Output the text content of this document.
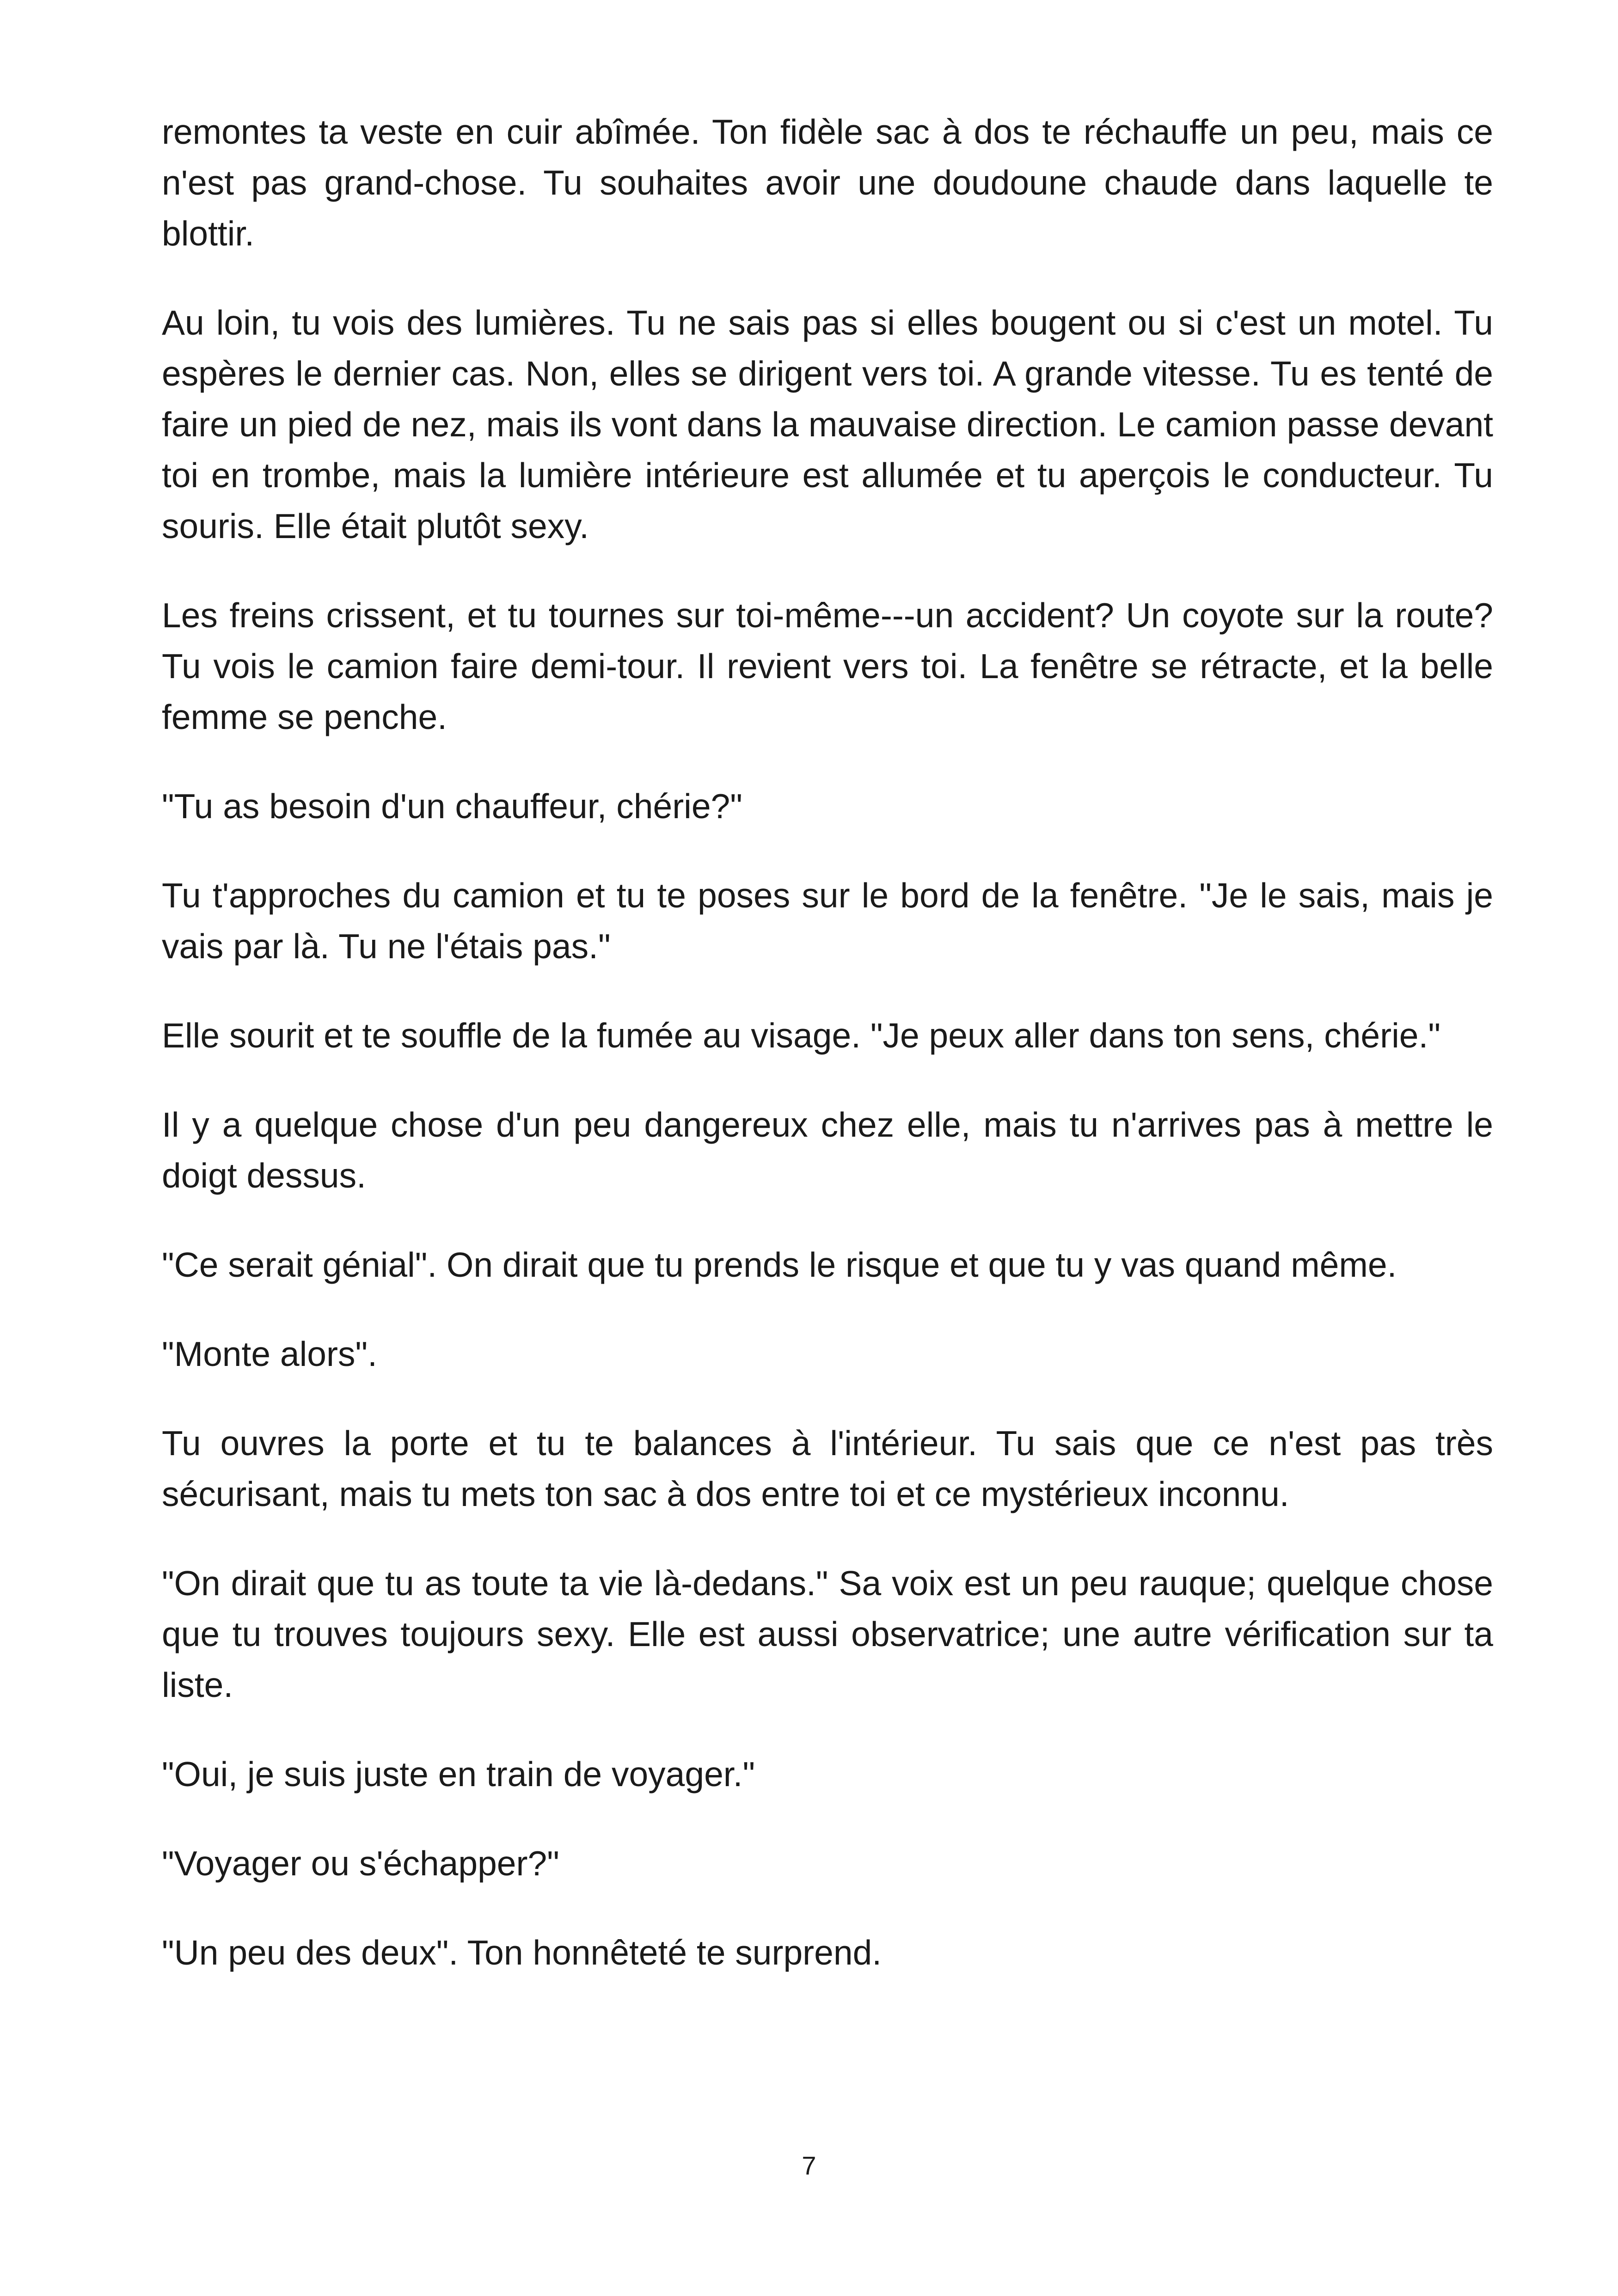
remontes ta veste en cuir abîmée. Ton fidèle sac à dos te réchauffe un peu, mais ce n'est pas grand-chose. Tu souhaites avoir une doudoune chaude dans laquelle te blottir.

Au loin, tu vois des lumières. Tu ne sais pas si elles bougent ou si c'est un motel. Tu espères le dernier cas. Non, elles se dirigent vers toi. A grande vitesse. Tu es tenté de faire un pied de nez, mais ils vont dans la mauvaise direction. Le camion passe devant toi en trombe, mais la lumière intérieure est allumée et tu aperçois le conducteur. Tu souris. Elle était plutôt sexy.

Les freins crissent, et tu tournes sur toi-même---un accident? Un coyote sur la route? Tu vois le camion faire demi-tour. Il revient vers toi. La fenêtre se rétracte, et la belle femme se penche.

"Tu as besoin d'un chauffeur, chérie?"

Tu t'approches du camion et tu te poses sur le bord de la fenêtre. "Je le sais, mais je vais par là. Tu ne l'étais pas."

Elle sourit et te souffle de la fumée au visage. "Je peux aller dans ton sens, chérie."

Il y a quelque chose d'un peu dangereux chez elle, mais tu n'arrives pas à mettre le doigt dessus.

"Ce serait génial". On dirait que tu prends le risque et que tu y vas quand même.

"Monte alors".

Tu ouvres la porte et tu te balances à l'intérieur. Tu sais que ce n'est pas très sécurisant, mais tu mets ton sac à dos entre toi et ce mystérieux inconnu.

"On dirait que tu as toute ta vie là-dedans." Sa voix est un peu rauque; quelque chose que tu trouves toujours sexy. Elle est aussi observatrice; une autre vérification sur ta liste.

"Oui, je suis juste en train de voyager."

"Voyager ou s'échapper?"

"Un peu des deux". Ton honnêteté te surprend.

7
